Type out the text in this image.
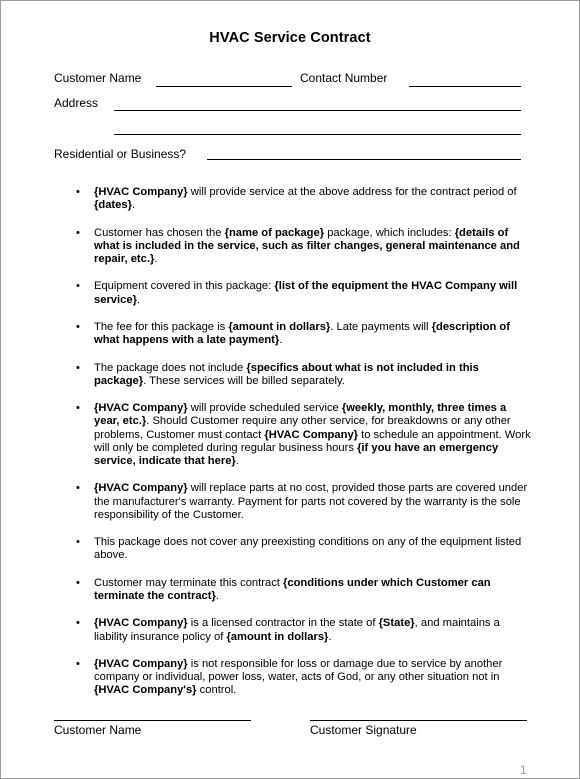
HVAC Service Contract
Customer Name	Contact Number
Address
Residential or Business?
• {HVAC Company} will provide service at the above address for the contract period of {dates}.
• Customer has chosen the {name of package} package, which includes: {details of what is included in the service, such as filter changes, general maintenance and repair, etc.}.
• Equipment covered in this package: {list of the equipment the HVAC Company will service}.
• The fee for this package is {amount in dollars}. Late payments will {description of what happens with a late payment}.
• The package does not include {specifics about what is not included in this package}. These services will be billed separately.
• {HVAC Company} will provide scheduled service {weekly, monthly, three times a year, etc.}. Should Customer require any other service, for breakdowns or any other problems, Customer must contact {HVAC Company} to schedule an appointment. Work will only be completed during regular business hours {if you have an emergency service, indicate that here}.
• {HVAC Company} will replace parts at no cost, provided those parts are covered under the manufacturer's warranty. Payment for parts not covered by the warranty is the sole responsibility of the Customer.
• This package does not cover any preexisting conditions on any of the equipment listed above.
• Customer may terminate this contract {conditions under which Customer can terminate the contract}.
• {HVAC Company} is a licensed contractor in the state of {State}, and maintains a liability insurance policy of {amount in dollars}.
• {HVAC Company} is not responsible for loss or damage due to service by another company or individual, power loss, water, acts of God, or any other situation not in {HVAC Company's} control.
Customer Name	Customer Signature
1
